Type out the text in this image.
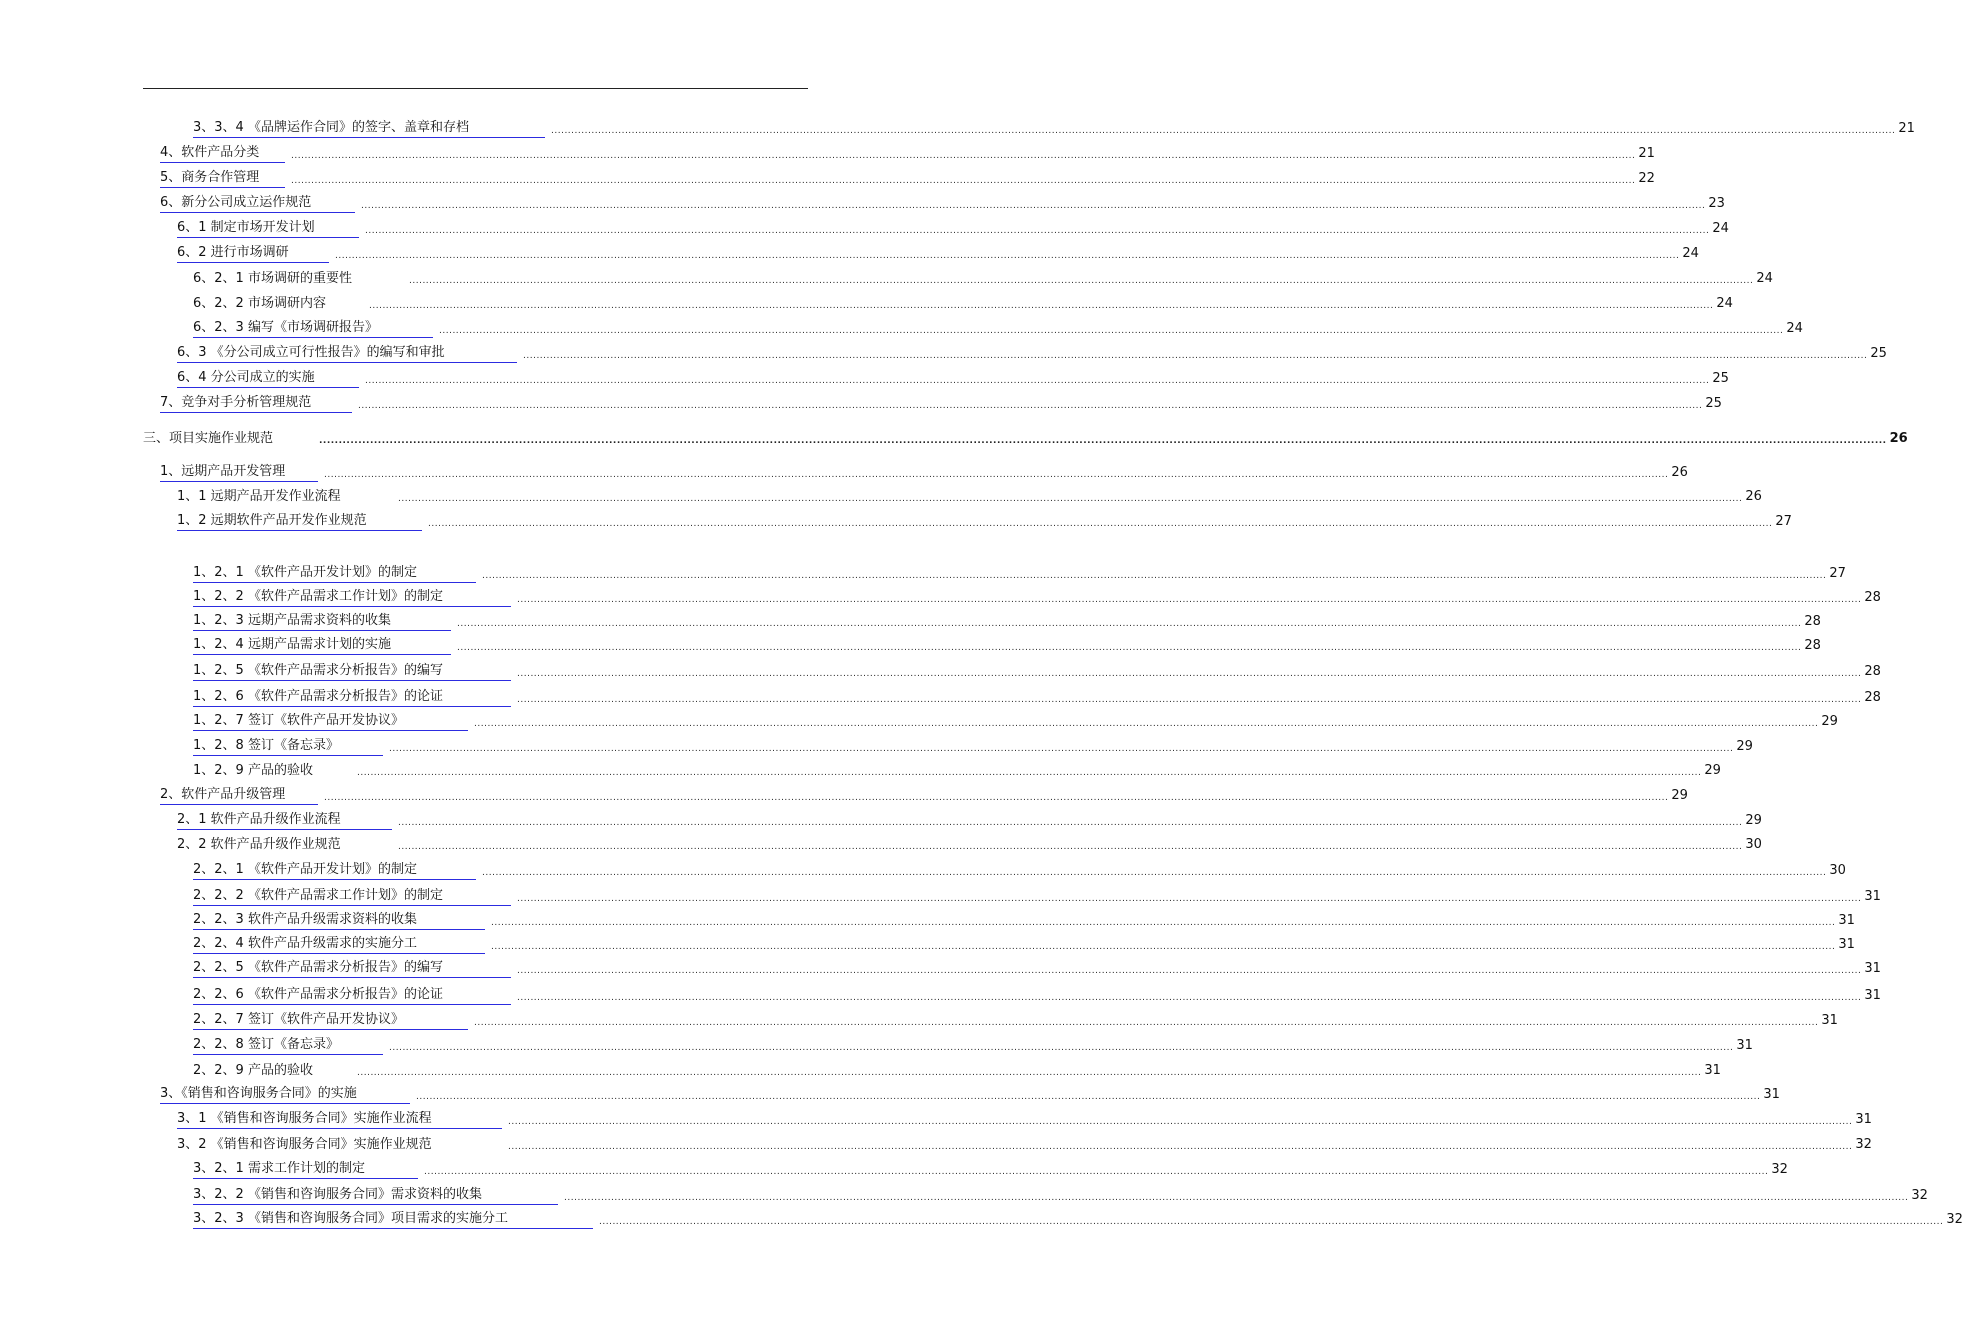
3、3、4 《品牌运作合同》的签字、盖章和存档	................................................................................................................................................................................................................................................................................................................................................................................................................ 21
4、软件产品分类	................................................................................................................................................................................................................................................................................................................................................................................................................ 21
5、商务合作管理	................................................................................................................................................................................................................................................................................................................................................................................................................ 22
6、新分公司成立运作规范	................................................................................................................................................................................................................................................................................................................................................................................................................ 23
6、1 制定市场开发计划	................................................................................................................................................................................................................................................................................................................................................................................................................ 24
6、2 进行市场调研	................................................................................................................................................................................................................................................................................................................................................................................................................ 24
6、2、1 市场调研的重要性	................................................................................................................................................................................................................................................................................................................................................................................................................ 24
6、2、2 市场调研内容	................................................................................................................................................................................................................................................................................................................................................................................................................ 24
6、2、3 编写《市场调研报告》	................................................................................................................................................................................................................................................................................................................................................................................................................ 24
6、3 《分公司成立可行性报告》的编写和审批	................................................................................................................................................................................................................................................................................................................................................................................................................ 25
6、4 分公司成立的实施	................................................................................................................................................................................................................................................................................................................................................................................................................ 25
7、竞争对手分析管理规范	................................................................................................................................................................................................................................................................................................................................................................................................................ 25
三、项目实施作业规范	................................................................................................................................................................................................................................................................................................................................................................................................................ 26
1、远期产品开发管理	................................................................................................................................................................................................................................................................................................................................................................................................................ 26
1、1 远期产品开发作业流程	................................................................................................................................................................................................................................................................................................................................................................................................................ 26
1、2 远期软件产品开发作业规范	................................................................................................................................................................................................................................................................................................................................................................................................................ 27
1、2、1 《软件产品开发计划》的制定	................................................................................................................................................................................................................................................................................................................................................................................................................ 27
1、2、2 《软件产品需求工作计划》的制定	................................................................................................................................................................................................................................................................................................................................................................................................................ 28
1、2、3 远期产品需求资料的收集	................................................................................................................................................................................................................................................................................................................................................................................................................ 28
1、2、4 远期产品需求计划的实施	................................................................................................................................................................................................................................................................................................................................................................................................................ 28
1、2、5 《软件产品需求分析报告》的编写	................................................................................................................................................................................................................................................................................................................................................................................................................ 28
1、2、6 《软件产品需求分析报告》的论证	................................................................................................................................................................................................................................................................................................................................................................................................................ 28
1、2、7 签订《软件产品开发协议》	................................................................................................................................................................................................................................................................................................................................................................................................................ 29
1、2、8 签订《备忘录》	................................................................................................................................................................................................................................................................................................................................................................................................................ 29
1、2、9 产品的验收	................................................................................................................................................................................................................................................................................................................................................................................................................ 29
2、软件产品升级管理	................................................................................................................................................................................................................................................................................................................................................................................................................ 29
2、1 软件产品升级作业流程	................................................................................................................................................................................................................................................................................................................................................................................................................ 29
2、2 软件产品升级作业规范	................................................................................................................................................................................................................................................................................................................................................................................................................ 30
2、2、1 《软件产品开发计划》的制定	................................................................................................................................................................................................................................................................................................................................................................................................................ 30
2、2、2 《软件产品需求工作计划》的制定	................................................................................................................................................................................................................................................................................................................................................................................................................ 31
2、2、3 软件产品升级需求资料的收集	................................................................................................................................................................................................................................................................................................................................................................................................................ 31
2、2、4 软件产品升级需求的实施分工	................................................................................................................................................................................................................................................................................................................................................................................................................ 31
2、2、5 《软件产品需求分析报告》的编写	................................................................................................................................................................................................................................................................................................................................................................................................................ 31
2、2、6 《软件产品需求分析报告》的论证	................................................................................................................................................................................................................................................................................................................................................................................................................ 31
2、2、7 签订《软件产品开发协议》	................................................................................................................................................................................................................................................................................................................................................................................................................ 31
2、2、8 签订《备忘录》	................................................................................................................................................................................................................................................................................................................................................................................................................ 31
2、2、9 产品的验收	................................................................................................................................................................................................................................................................................................................................................................................................................ 31
3、《销售和咨询服务合同》的实施	................................................................................................................................................................................................................................................................................................................................................................................................................ 31
3、1 《销售和咨询服务合同》实施作业流程	................................................................................................................................................................................................................................................................................................................................................................................................................ 31
3、2 《销售和咨询服务合同》实施作业规范	................................................................................................................................................................................................................................................................................................................................................................................................................ 32
3、2、1 需求工作计划的制定	................................................................................................................................................................................................................................................................................................................................................................................................................ 32
3、2、2 《销售和咨询服务合同》需求资料的收集	................................................................................................................................................................................................................................................................................................................................................................................................................ 32
3、2、3 《销售和咨询服务合同》项目需求的实施分工	................................................................................................................................................................................................................................................................................................................................................................................................................ 32
